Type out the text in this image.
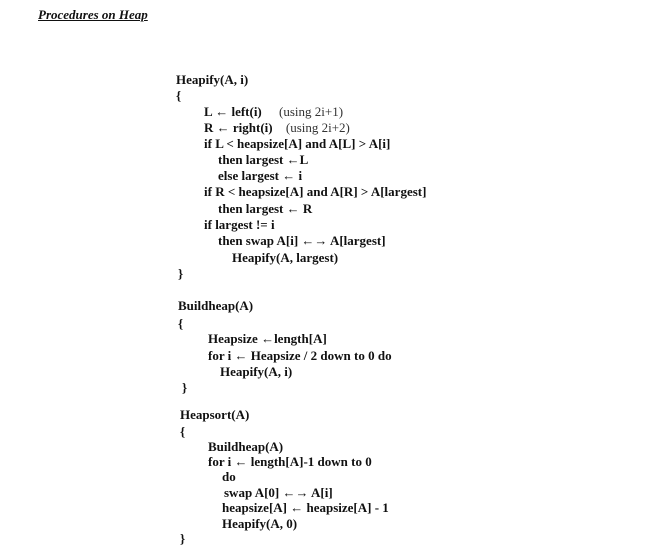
Procedures on Heap
Heapify(A, i)
{
L ← left(i) (using 2i+1)
R ← right(i) (using 2i+2)
if L < heapsize[A] and A[L] > A[i]
then largest ←L
else largest ← i
if R < heapsize[A] and A[R] > A[largest]
then largest ← R
if largest != i
then swap A[i] ←→ A[largest]
Heapify(A, largest)
}
Buildheap(A)
{
Heapsize ←length[A]
for i ← Heapsize / 2 down to 0 do
Heapify(A, i)
}
Heapsort(A)
{
Buildheap(A)
for i ← length[A]-1 down to 0
do
swap A[0] ←→ A[i]
heapsize[A] ← heapsize[A] - 1
Heapify(A, 0)
}
